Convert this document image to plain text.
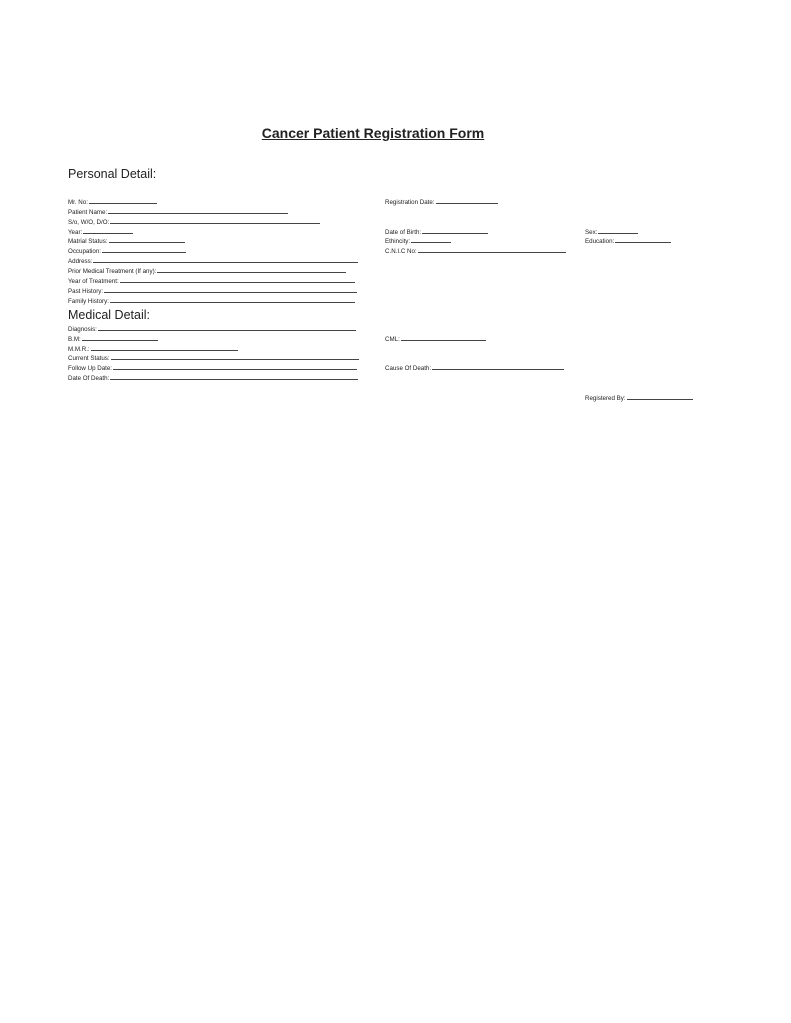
Cancer Patient Registration Form
Personal Detail:
Mr. No:	Registration Date:
Patient Name:
S/o, W/O, D/O:
Year:	Date of Birth:	Sex:
Matrial Status:	Ethincity:	Education:
Occupation:	C.N.I.C No:
Address:
Prior Medical Treatment (If any):
Year of Treatment:
Past History:
Family History:
Medical Detail:
Diagnosis:
B.M:	CML:
M.M.R.:
Current Status:
Follow Up Date:	Cause Of Death:
Date Of Death:
Registered By:
